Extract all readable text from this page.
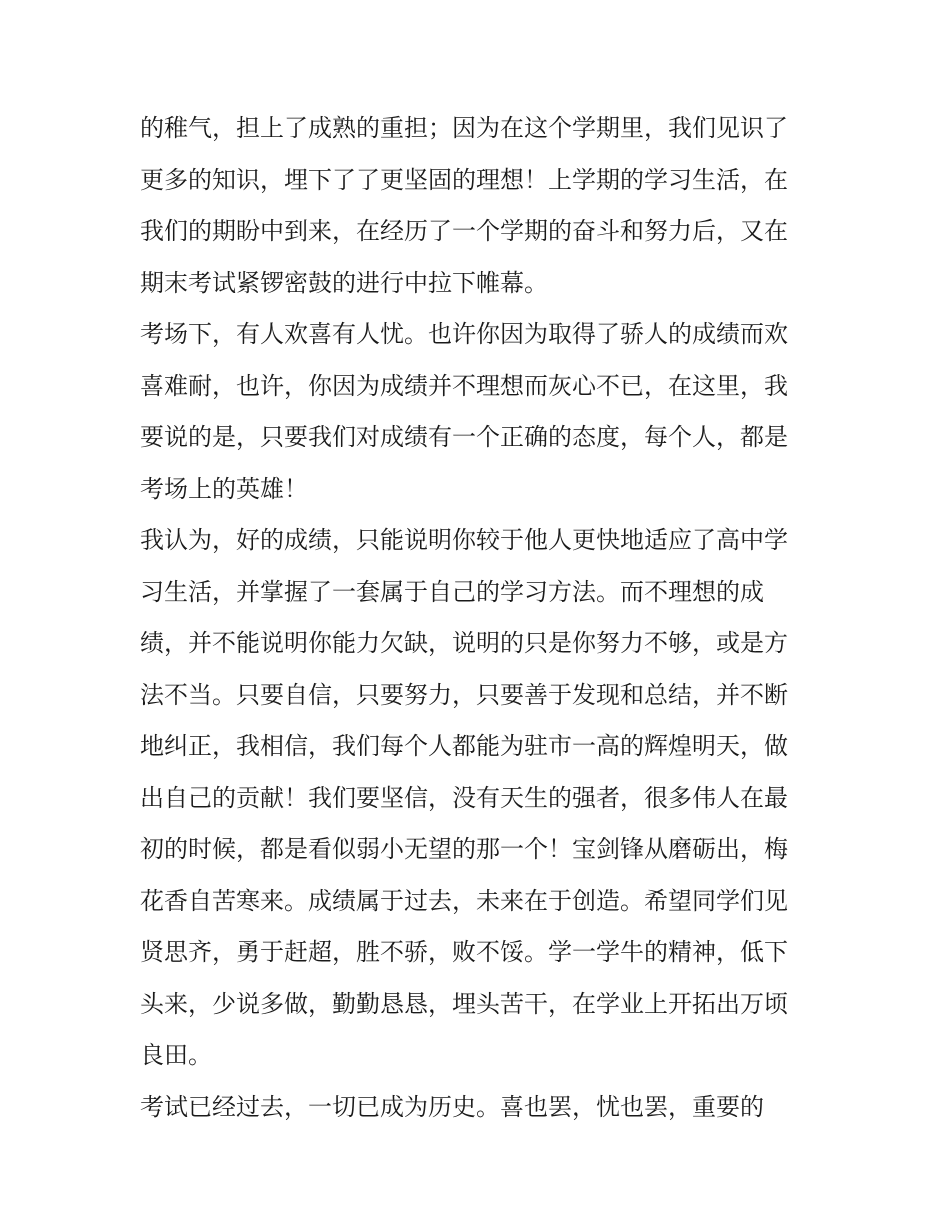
的稚气，担上了成熟的重担；因为在这个学期里，我们见识了
更多的知识，埋下了了更坚固的理想！上学期的学习生活，在
我们的期盼中到来，在经历了一个学期的奋斗和努力后，又在
期末考试紧锣密鼓的进行中拉下帷幕。
考场下，有人欢喜有人忧。也许你因为取得了骄人的成绩而欢
喜难耐，也许，你因为成绩并不理想而灰心不已，在这里，我
要说的是，只要我们对成绩有一个正确的态度，每个人，都是
考场上的英雄！
我认为，好的成绩，只能说明你较于他人更快地适应了高中学
习生活，并掌握了一套属于自己的学习方法。而不理想的成
绩，并不能说明你能力欠缺，说明的只是你努力不够，或是方
法不当。只要自信，只要努力，只要善于发现和总结，并不断
地纠正，我相信，我们每个人都能为驻市一高的辉煌明天，做
出自己的贡献！我们要坚信，没有天生的强者，很多伟人在最
初的时候，都是看似弱小无望的那一个！宝剑锋从磨砺出，梅
花香自苦寒来。成绩属于过去，未来在于创造。希望同学们见
贤思齐，勇于赶超，胜不骄，败不馁。学一学牛的精神，低下
头来，少说多做，勤勤恳恳，埋头苦干，在学业上开拓出万顷
良田。
考试已经过去，一切已成为历史。喜也罢，忧也罢，重要的
